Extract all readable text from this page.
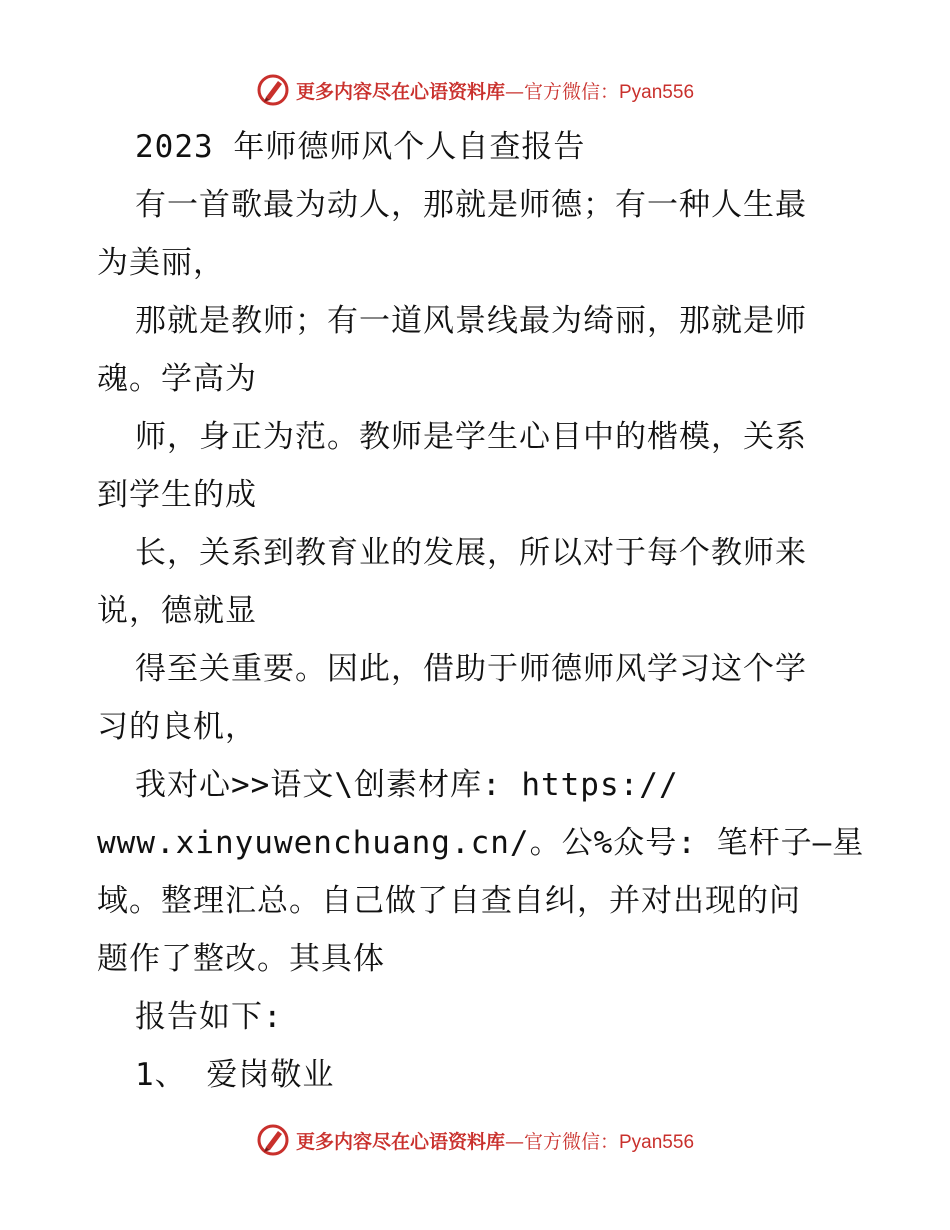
更多内容尽在心语资料库—官方微信：Pyan556
2023 年师德师风个人自查报告
有一首歌最为动人，那就是师德；有一种人生最
为美丽，
那就是教师；有一道风景线最为绮丽，那就是师
魂。学高为
师，身正为范。教师是学生心目中的楷模，关系
到学生的成
长，关系到教育业的发展，所以对于每个教师来
说，德就显
得至关重要。因此，借助于师德师风学习这个学
习的良机，
我对心>>语文\创素材库: https://
www.xinyuwenchuang.cn/。公%众号: 笔杆子—星
域。整理汇总。自己做了自查自纠，并对出现的问
题作了整改。其具体
报告如下:
1、 爱岗敬业
更多内容尽在心语资料库—官方微信：Pyan556
